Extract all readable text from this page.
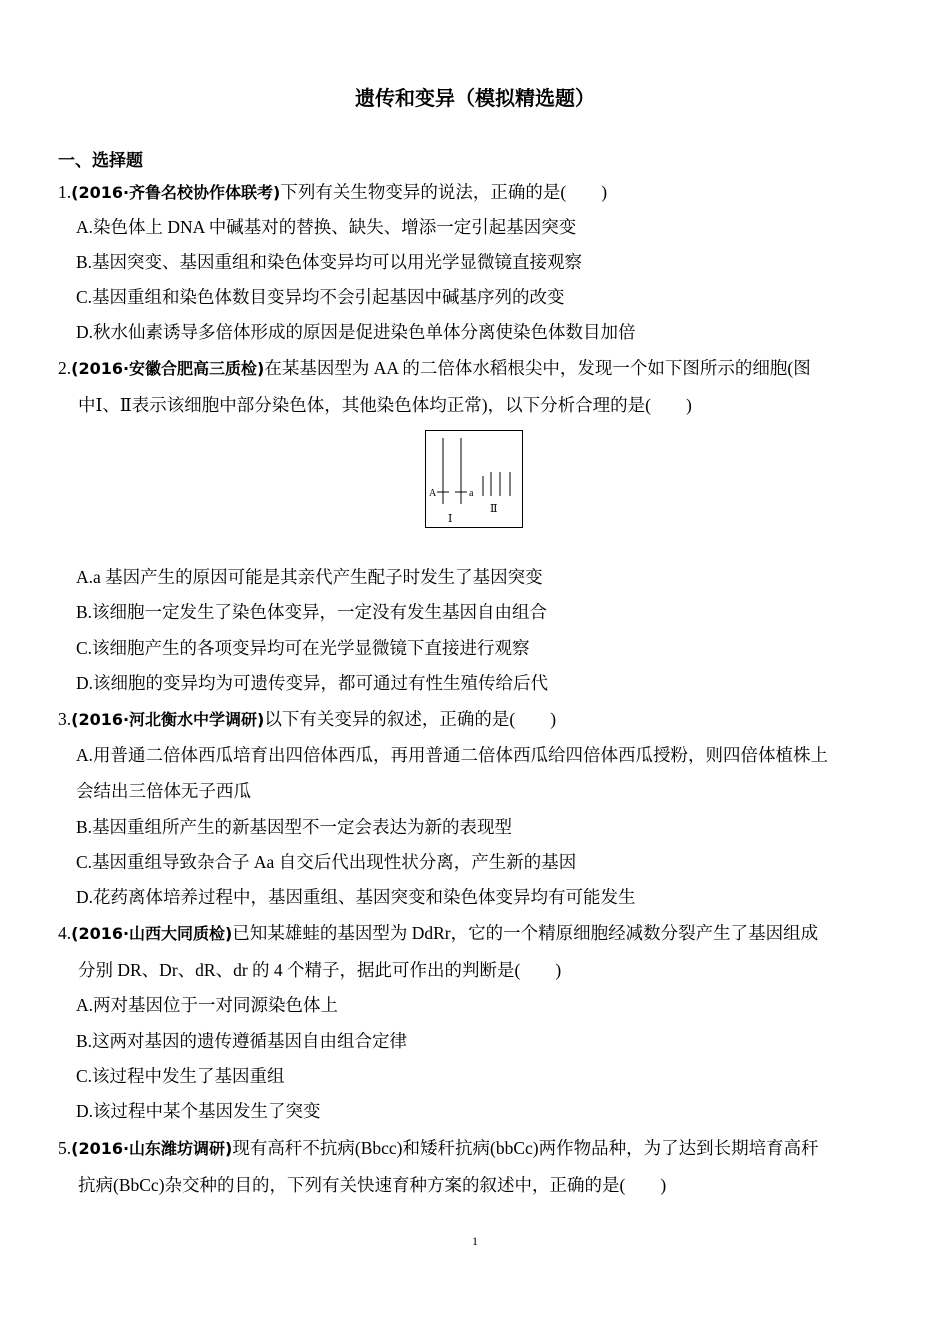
遗传和变异（模拟精选题）
一、选择题
1.(2016·齐鲁名校协作体联考)下列有关生物变异的说法，正确的是(　　)
A.染色体上 DNA 中碱基对的替换、缺失、增添一定引起基因突变
B.基因突变、基因重组和染色体变异均可以用光学显微镜直接观察
C.基因重组和染色体数目变异均不会引起基因中碱基序列的改变
D.秋水仙素诱导多倍体形成的原因是促进染色单体分离使染色体数目加倍
2.(2016·安徽合肥高三质检)在某基因型为 AA 的二倍体水稻根尖中，发现一个如下图所示的细胞(图
中Ⅰ、Ⅱ表示该细胞中部分染色体，其他染色体均正常)，以下分析合理的是(　　)
A	a
Ⅰ
Ⅱ
A.a 基因产生的原因可能是其亲代产生配子时发生了基因突变
B.该细胞一定发生了染色体变异，一定没有发生基因自由组合
C.该细胞产生的各项变异均可在光学显微镜下直接进行观察
D.该细胞的变异均为可遗传变异，都可通过有性生殖传给后代
3.(2016·河北衡水中学调研)以下有关变异的叙述，正确的是(　　)
A.用普通二倍体西瓜培育出四倍体西瓜，再用普通二倍体西瓜给四倍体西瓜授粉，则四倍体植株上
会结出三倍体无子西瓜
B.基因重组所产生的新基因型不一定会表达为新的表现型
C.基因重组导致杂合子 Aa 自交后代出现性状分离，产生新的基因
D.花药离体培养过程中，基因重组、基因突变和染色体变异均有可能发生
4.(2016·山西大同质检)已知某雄蛙的基因型为 DdRr，它的一个精原细胞经减数分裂产生了基因组成
分别 DR、Dr、dR、dr 的 4 个精子，据此可作出的判断是(　　)
A.两对基因位于一对同源染色体上
B.这两对基因的遗传遵循基因自由组合定律
C.该过程中发生了基因重组
D.该过程中某个基因发生了突变
5.(2016·山东潍坊调研)现有高秆不抗病(Bbcc)和矮秆抗病(bbCc)两作物品种，为了达到长期培育高秆
抗病(BbCc)杂交种的目的，下列有关快速育种方案的叙述中，正确的是(　　)
1
